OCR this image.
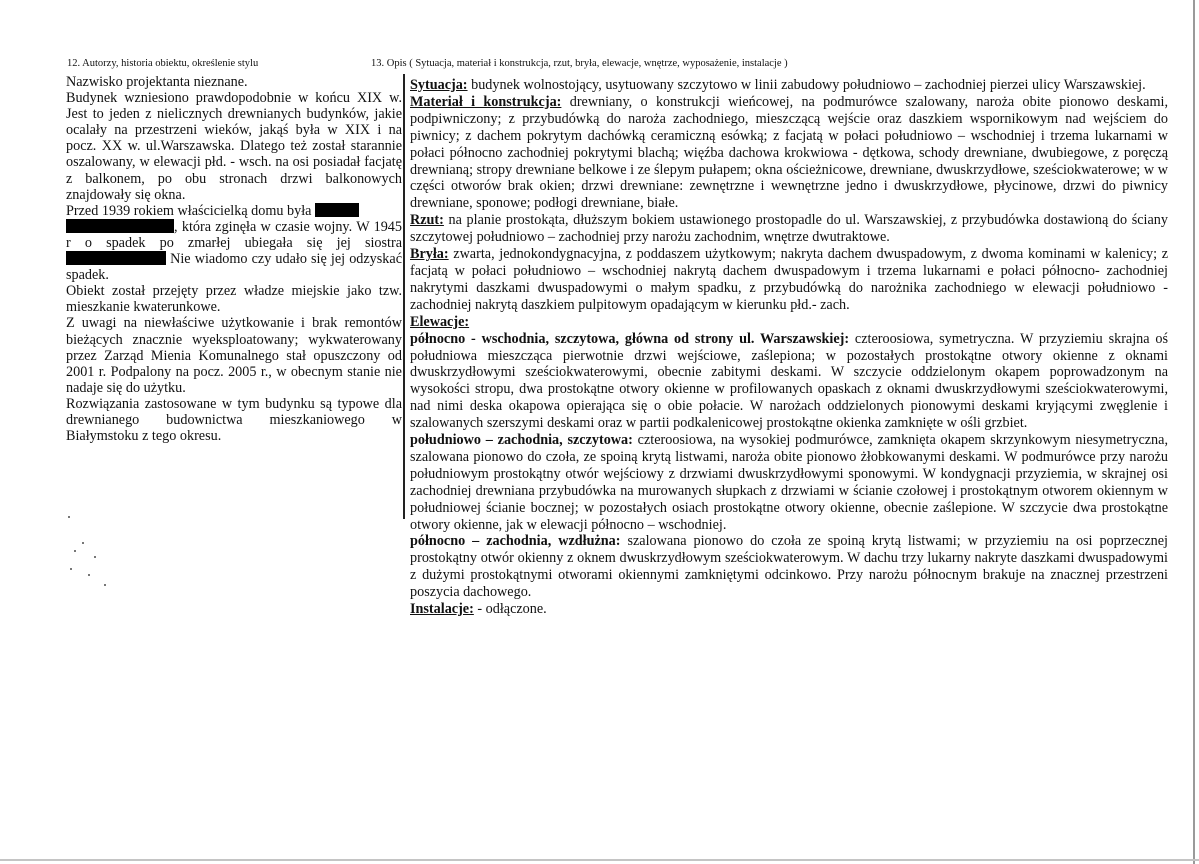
12. Autorzy, historia obiektu, określenie stylu	13. Opis ( Sytuacja, materiał i konstrukcja, rzut, bryła, elewacje, wnętrze, wyposażenie, instalacje )

Nazwisko projektanta nieznane.

Budynek wzniesiono prawdopodobnie w końcu XIX w. Jest to jeden z nielicznych drewnianych budynków, jakie ocalały na przestrzeni wieków, jakąś była w XIX i na pocz. XX w. ul.Warszawska. Dlatego też został starannie oszalowany, w elewacji płd. - wsch. na osi posiadał facjatę z balkonem, po obu stronach drzwi balkonowych znajdowały się okna.

Przed 1939 rokiem właścicielką domu była
, która zginęła w czasie wojny. W 1945 r o spadek po zmarłej ubiegała się jej siostra  Nie wiadomo czy udało się jej odzyskać spadek.

Obiekt został przejęty przez władze miejskie jako tzw. mieszkanie kwaterunkowe.

Z uwagi na niewłaściwe użytkowanie i brak remontów bieżących znacznie wyeksploatowany; wykwaterowany przez Zarząd Mienia Komunalnego stał opuszczony od 2001 r. Podpalony na pocz. 2005 r., w obecnym stanie nie nadaje się do użytku.

Rozwiązania zastosowane w tym budynku są typowe dla drewnianego budownictwa mieszkaniowego w Białymstoku z tego okresu.

Sytuacja: budynek wolnostojący, usytuowany szczytowo w linii zabudowy południowo – zachodniej pierzei ulicy Warszawskiej.

Materiał i konstrukcja: drewniany, o konstrukcji wieńcowej, na podmurówce szalowany, naroża obite pionowo deskami, podpiwniczony; z przybudówką do naroża zachodniego, mieszczącą wejście oraz daszkiem wspornikowym nad wejściem do piwnicy; z dachem pokrytym dachówką ceramiczną esówką; z facjatą w połaci południowo – wschodniej i trzema lukarnami w połaci północno zachodniej pokrytymi blachą; więźba dachowa krokwiowa - dętkowa, schody drewniane, dwubiegowe, z poręczą drewnianą; stropy drewniane belkowe i ze ślepym pułapem; okna ościeżnicowe, drewniane, dwuskrzydłowe, sześciokwaterowe; w w części otworów brak okien; drzwi drewniane: zewnętrzne i wewnętrzne jedno i dwuskrzydłowe, płycinowe, drzwi do piwnicy drewniane, sponowe; podłogi drewniane, białe.

Rzut: na planie prostokąta, dłuższym bokiem ustawionego prostopadle do ul. Warszawskiej, z przybudówka dostawioną do ściany szczytowej południowo – zachodniej przy narożu zachodnim, wnętrze dwutraktowe.

Bryła: zwarta, jednokondygnacyjna, z poddaszem użytkowym; nakryta dachem dwuspadowym, z dwoma kominami w kalenicy; z facjatą w połaci południowo – wschodniej nakrytą dachem dwuspadowym i trzema lukarnami e połaci północno- zachodniej nakrytymi daszkami dwuspadowymi o małym spadku, z przybudówką do narożnika zachodniego w elewacji południowo - zachodniej nakrytą daszkiem pulpitowym opadającym w kierunku płd.- zach.

Elewacje:

północno - wschodnia, szczytowa, główna od strony ul. Warszawskiej: czteroosiowa, symetryczna. W przyziemiu skrajna oś południowa mieszcząca pierwotnie drzwi wejściowe, zaślepiona; w pozostałych prostokątne otwory okienne z oknami dwuskrzydłowymi sześciokwaterowymi, obecnie zabitymi deskami. W szczycie oddzielonym okapem poprowadzonym na wysokości stropu, dwa prostokątne otwory okienne w profilowanych opaskach z oknami dwuskrzydłowymi sześciokwaterowymi, nad nimi deska okapowa opierająca się o obie połacie. W narożach oddzielonych pionowymi deskami kryjącymi zwęglenie i szalowanych szerszymi deskami oraz w partii podkalenicowej prostokątne okienka zamknięte w ośli grzbiet.

południowo – zachodnia, szczytowa: czteroosiowa, na wysokiej podmurówce, zamknięta okapem skrzynkowym niesymetryczna, szalowana pionowo do czoła, ze spoiną krytą listwami, naroża obite pionowo żłobkowanymi deskami. W podmurówce przy narożu południowym prostokątny otwór wejściowy z drzwiami dwuskrzydłowymi sponowymi. W kondygnacji przyziemia, w skrajnej osi zachodniej drewniana przybudówka na murowanych słupkach z drzwiami w ścianie czołowej i prostokątnym otworem okiennym w południowej ścianie bocznej; w pozostałych osiach prostokątne otwory okienne, obecnie zaślepione. W szczycie dwa prostokątne otwory okienne, jak w elewacji północno – wschodniej.

północno – zachodnia, wzdłużna: szalowana pionowo do czoła ze spoiną krytą listwami; w przyziemiu na osi poprzecznej prostokątny otwór okienny z oknem dwuskrzydłowym sześciokwaterowym. W dachu trzy lukarny nakryte daszkami dwuspadowymi z dużymi prostokątnymi otworami okiennymi zamkniętymi odcinkowo. Przy narożu północnym brakuje na znacznej przestrzeni poszycia dachowego.

Instalacje: - odłączone.
